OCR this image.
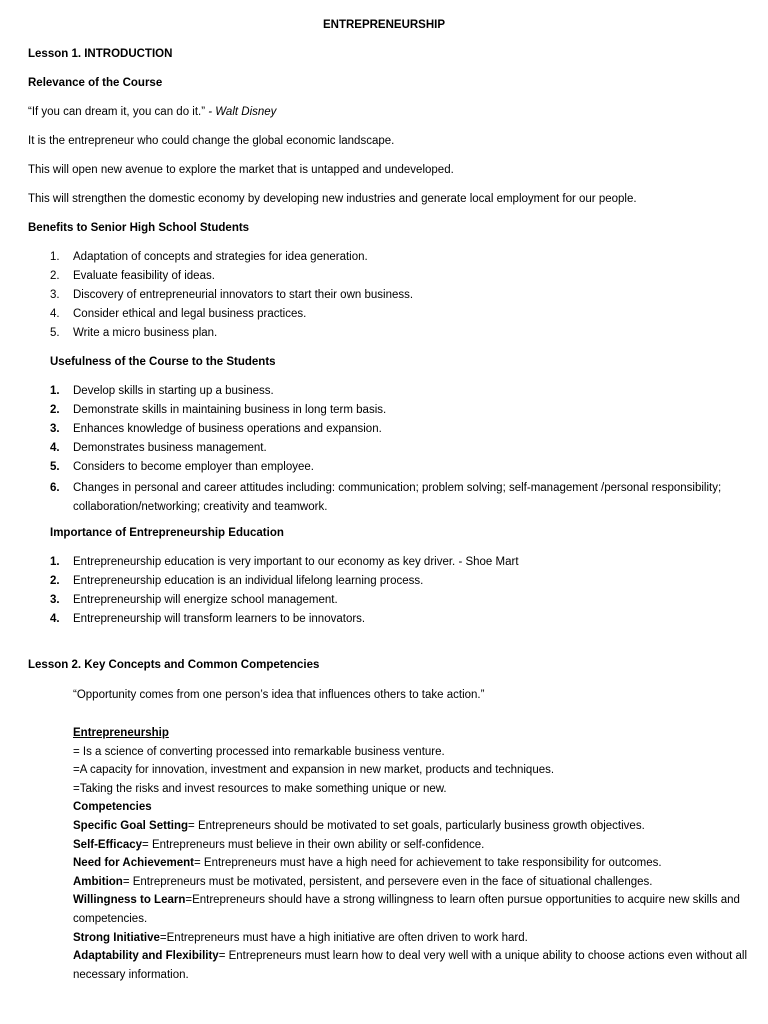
ENTREPRENEURSHIP
Lesson 1. INTRODUCTION
Relevance of the Course
“If you can dream it, you can do it.” - Walt Disney
It is the entrepreneur who could change the global economic landscape.
This will open new avenue to explore the market that is untapped and undeveloped.
This will strengthen the domestic economy by developing new industries and generate local employment for our people.
Benefits to Senior High School Students
1. Adaptation of concepts and strategies for idea generation.
2. Evaluate feasibility of ideas.
3. Discovery of entrepreneurial innovators to start their own business.
4. Consider ethical and legal business practices.
5. Write a micro business plan.
Usefulness of the Course to the Students
1. Develop skills in starting up a business.
2. Demonstrate skills in maintaining business in long term basis.
3. Enhances knowledge of business operations and expansion.
4. Demonstrates business management.
5. Considers to become employer than employee.
6. Changes in personal and career attitudes including: communication; problem solving; self-management /personal responsibility; collaboration/networking; creativity and teamwork.
Importance of Entrepreneurship Education
1. Entrepreneurship education is very important to our economy as key driver. - Shoe Mart
2. Entrepreneurship education is an individual lifelong learning process.
3. Entrepreneurship will energize school management.
4. Entrepreneurship will transform learners to be innovators.
Lesson 2. Key Concepts and Common Competencies
“Opportunity comes from one person’s idea that influences others to take action.”
Entrepreneurship
= Is a science of converting processed into remarkable business venture.
=A capacity for innovation, investment and expansion in new market, products and techniques.
=Taking the risks and invest resources to make something unique or new.
Competencies
Specific Goal Setting= Entrepreneurs should be motivated to set goals, particularly business growth objectives.
Self-Efficacy= Entrepreneurs must believe in their own ability or self-confidence.
Need for Achievement= Entrepreneurs must have a high need for achievement to take responsibility for outcomes.
Ambition= Entrepreneurs must be motivated, persistent, and persevere even in the face of situational challenges.
Willingness to Learn=Entrepreneurs should have a strong willingness to learn often pursue opportunities to acquire new skills and competencies.
Strong Initiative=Entrepreneurs must have a high initiative are often driven to work hard.
Adaptability and Flexibility= Entrepreneurs must learn how to deal very well with a unique ability to choose actions even without all necessary information.
